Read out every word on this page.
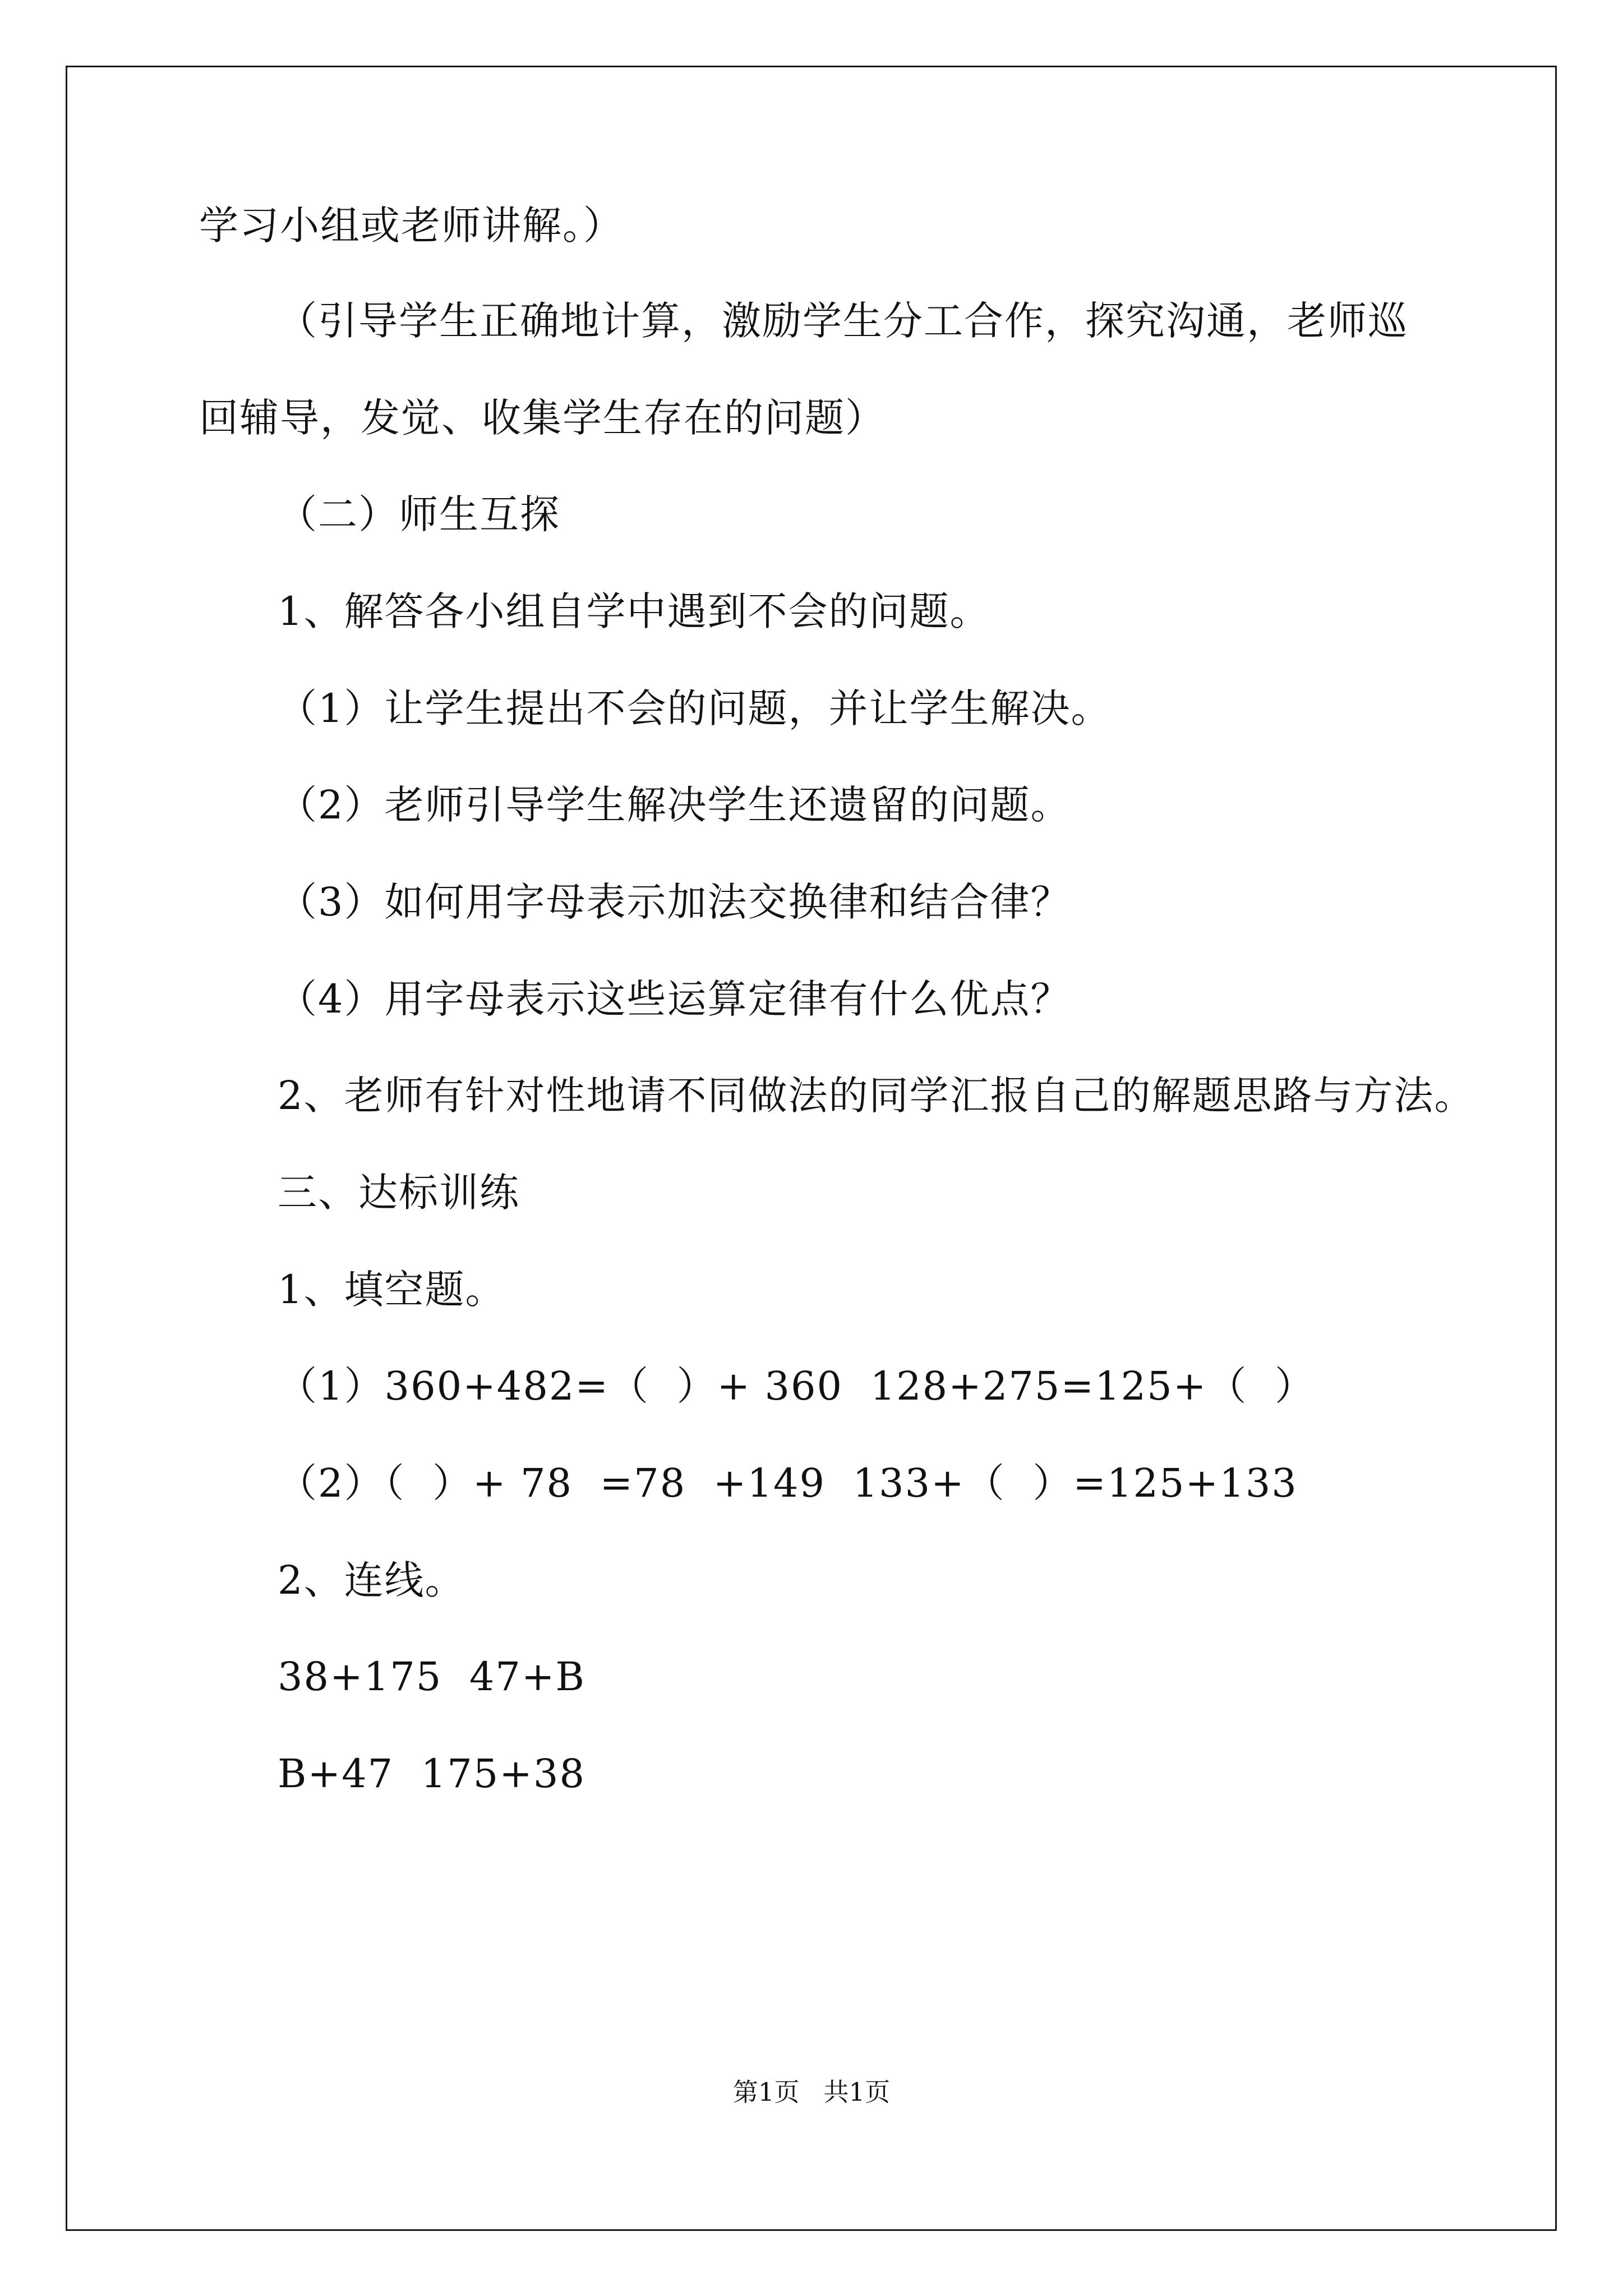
学习小组或老师讲解。）
（引导学生正确地计算，激励学生分工合作，探究沟通，老师巡
回辅导，发觉、收集学生存在的问题）
（二）师生互探
1、解答各小组自学中遇到不会的问题。
（1）让学生提出不会的问题，并让学生解决。
（2）老师引导学生解决学生还遗留的问题。
（3）如何用字母表示加法交换律和结合律？
（4）用字母表示这些运算定律有什么优点？
2、老师有针对性地请不同做法的同学汇报自己的解题思路与方法。
三、达标训练
1、填空题。
（1）360+482=（  ）+ 360  128+275=125+（  ）
（2）（  ）+ 78  =78  +149  133+（  ）=125+133
2、连线。
38+175  47+B
B+47  175+38
第1页   共1页
